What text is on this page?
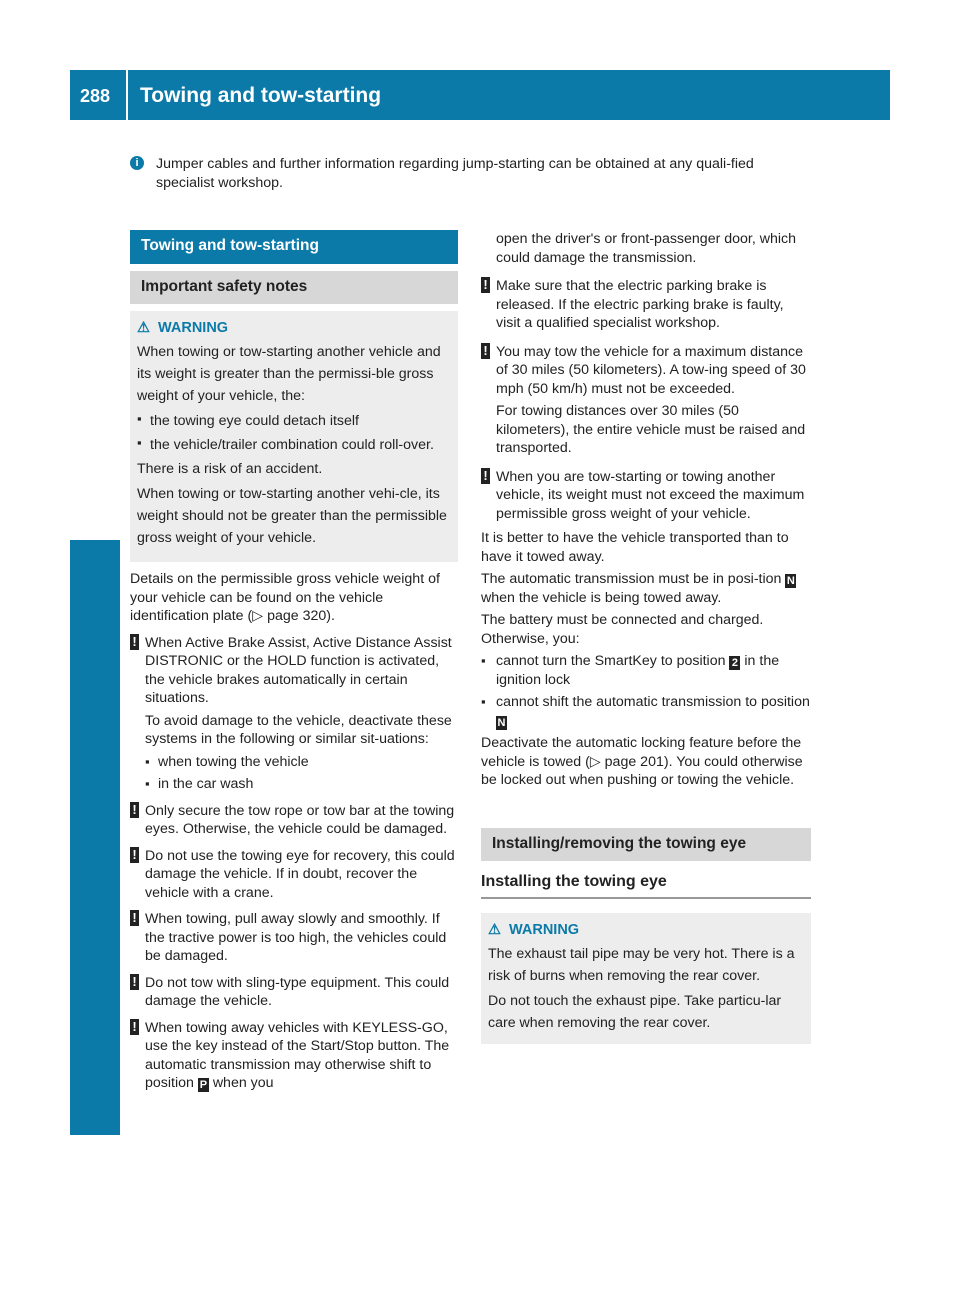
288 Towing and tow-starting
Breakdown assistance
i	Jumper cables and further information regarding jump-starting can be obtained at any quali-fied specialist workshop.
Towing and tow-starting
Important safety notes
⚠ WARNING

When towing or tow-starting another vehicle and its weight is greater than the permissi-ble gross weight of your vehicle, the:

▪ the towing eye could detach itself

▪ the vehicle/trailer combination could roll-over.

There is a risk of an accident.

When towing or tow-starting another vehi-cle, its weight should not be greater than the permissible gross weight of your vehicle.

Details on the permissible gross vehicle weight of your vehicle can be found on the vehicle identification plate (▷ page 320).

! When Active Brake Assist, Active Distance Assist DISTRONIC or the HOLD function is activated, the vehicle brakes automatically in certain situations.

To avoid damage to the vehicle, deactivate these systems in the following or similar sit-uations:

▪ when towing the vehicle
▪ in the car wash
! Only secure the tow rope or tow bar at the towing eyes. Otherwise, the vehicle could be damaged.

! Do not use the towing eye for recovery, this could damage the vehicle. If in doubt, recover the vehicle with a crane.

! When towing, pull away slowly and smoothly. If the tractive power is too high, the vehicles could be damaged.

! Do not tow with sling-type equipment. This could damage the vehicle.

! When towing away vehicles with KEYLESS-GO, use the key instead of the Start/Stop button. The automatic transmission may otherwise shift to position P when you

open the driver's or front-passenger door, which could damage the transmission.

! Make sure that the electric parking brake is released. If the electric parking brake is faulty, visit a qualified specialist workshop.

! You may tow the vehicle for a maximum distance of 30 miles (50 kilometers). A tow-ing speed of 30 mph (50 km/h) must not be exceeded.

For towing distances over 30 miles (50 kilometers), the entire vehicle must be raised and transported.

! When you are tow-starting or towing another vehicle, its weight must not exceed the maximum permissible gross weight of your vehicle.

It is better to have the vehicle transported than to have it towed away.

The automatic transmission must be in posi-tion N when the vehicle is being towed away.

The battery must be connected and charged. Otherwise, you:

▪ cannot turn the SmartKey to position 2 in the ignition lock
▪ cannot shift the automatic transmission to position N

Deactivate the automatic locking feature before the vehicle is towed (▷ page 201). You could otherwise be locked out when pushing or towing the vehicle.

Installing/removing the towing eye
Installing the towing eye
⚠ WARNING

The exhaust tail pipe may be very hot. There is a risk of burns when removing the rear cover.

Do not touch the exhaust pipe. Take particu-lar care when removing the rear cover.
